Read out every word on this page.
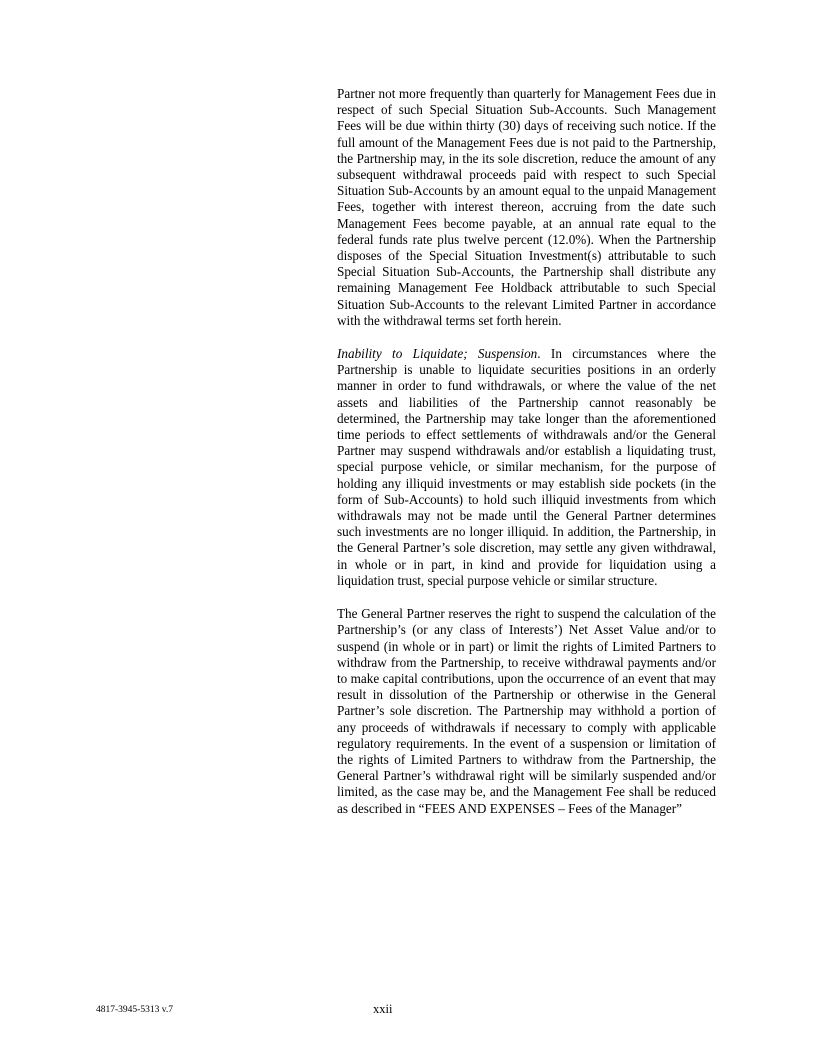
Partner not more frequently than quarterly for Management Fees due in respect of such Special Situation Sub-Accounts. Such Management Fees will be due within thirty (30) days of receiving such notice. If the full amount of the Management Fees due is not paid to the Partnership, the Partnership may, in the its sole discretion, reduce the amount of any subsequent withdrawal proceeds paid with respect to such Special Situation Sub-Accounts by an amount equal to the unpaid Management Fees, together with interest thereon, accruing from the date such Management Fees become payable, at an annual rate equal to the federal funds rate plus twelve percent (12.0%). When the Partnership disposes of the Special Situation Investment(s) attributable to such Special Situation Sub-Accounts, the Partnership shall distribute any remaining Management Fee Holdback attributable to such Special Situation Sub-Accounts to the relevant Limited Partner in accordance with the withdrawal terms set forth herein.

Inability to Liquidate; Suspension. In circumstances where the Partnership is unable to liquidate securities positions in an orderly manner in order to fund withdrawals, or where the value of the net assets and liabilities of the Partnership cannot reasonably be determined, the Partnership may take longer than the aforementioned time periods to effect settlements of withdrawals and/or the General Partner may suspend withdrawals and/or establish a liquidating trust, special purpose vehicle, or similar mechanism, for the purpose of holding any illiquid investments or may establish side pockets (in the form of Sub-Accounts) to hold such illiquid investments from which withdrawals may not be made until the General Partner determines such investments are no longer illiquid. In addition, the Partnership, in the General Partner’s sole discretion, may settle any given withdrawal, in whole or in part, in kind and provide for liquidation using a liquidation trust, special purpose vehicle or similar structure.

The General Partner reserves the right to suspend the calculation of the Partnership’s (or any class of Interests’) Net Asset Value and/or to suspend (in whole or in part) or limit the rights of Limited Partners to withdraw from the Partnership, to receive withdrawal payments and/or to make capital contributions, upon the occurrence of an event that may result in dissolution of the Partnership or otherwise in the General Partner’s sole discretion. The Partnership may withhold a portion of any proceeds of withdrawals if necessary to comply with applicable regulatory requirements. In the event of a suspension or limitation of the rights of Limited Partners to withdraw from the Partnership, the General Partner’s withdrawal right will be similarly suspended and/or limited, as the case may be, and the Management Fee shall be reduced as described in “FEES AND EXPENSES – Fees of the Manager”

4817-3945-5313 v.7	xxii
